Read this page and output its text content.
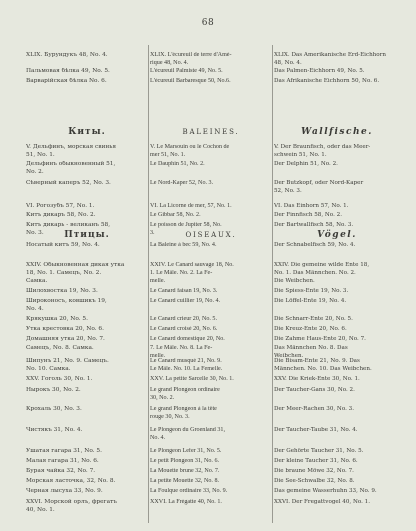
68
Киты.
Птицы.
XLIX. Бурундукъ 48, No. 4.
Пальмовая бѣлка 49, No. 5.
Варварійская бѣлка No. 6.
V. Дельфинъ, морская свинья
51, No. 1.
Дельфинъ обыкновенный 51,
No. 2.
Сѣверный каперъ 52, No. 3.
VI. Рогозубъ 57, No. 1.
Китъ дикаръ 58, No. 2.
Китъ дикарь - великанъ 58,
No. 3.
Носатый китъ 59, No. 4.
XXIV. Обыкновенная дикая утка
18, No. 1. Самецъ, No. 2.
Самка.
Шилохвостка 19, No. 3.
Широконосъ, ковшикъ 19,
No. 4.
Крякушка 20, No. 5.
Утка крестовка 20, No. 6.
Домашняя утка 20, No. 7.
Самецъ, No. 8. Самка.
Шипунъ 21, No. 9. Самецъ.
No. 10. Самка.
XXV. Гоголь 30, No. 1.
Нырокъ 30, No. 2.
Крохаль 30, No. 3.
Чистякъ 31, No. 4.
Ушатая гагара 31, No. 5.
Малая гагара 31, No. 6.
Бурая чайка 32, No. 7.
Морская ласточка, 32, No. 8.
Черная лысуха 33, No. 9.
XXVI. Морской орлъ, фрегатъ
40, No. 1.
BALEINES.
OISEAUX.
XLIX. L'écureuil de terre d'Amé-
rique 48, No. 4.
L'écureuil Palmiste 49, No. 5.
L'écureuil Barbaresque 50, No.6.
V. Le Marsouin ou le Cochon de
mer 51, No. 1.
Le Dauphin 51, No. 2.
Le Nord-Kaper 52, No. 3.
VI. La Licorne de mer, 57, No. 1.
Le Gibbar 58, No. 2.
Le poisson de Jupiter 58, No.
3.
La Baleine à bec 59, No. 4.
XXIV. Le Canard sauvage 18, No.
1. Le Mâle. No. 2. La Fe-
melle.
Le Canard faisan 19, No. 3.
Le Canard cuillier 19, No. 4.
Le Canard crieur 20, No. 5.
Le Canard croisé 20, No. 6.
Le Canard domestique 20, No.
7. Le Mâle. No. 8. La Fe-
melle.
Le Canard musqué 21, No. 9.
Le Mâle. No. 10. La Femelle.
XXV. La petite Sarcelle 30, No. 1.
Le grand Plongeon ordinaire
30, No. 2.
Le grand Plongeon à la tête
rouge 30, No. 3.
Le Plongeon du Groenland 31,
No. 4.
Le Plongeon Lefer 31, No. 5.
Le petit Plongeon 31, No. 6.
La Mouette brune 32, No. 7.
La petite Mouette 32, No. 8.
La Foulque ordinaire 33, No. 9.
XXVI. La Frégatte 40, No. 1.
Wallfische.
Vögel.
XLIX. Das Amerikanische Erd-Eichhorn
48, No. 4.
Das Palmen-Eichhorn 49, No. 5.
Das Afrikanische Eichhorn 50, No. 6.
V. Der Braunfisch, oder das Meer-
schwein 51, No. 1.
Der Delphin 51, No. 2.
Der Butzkopf, oder Nord-Kaper
52, No. 3.
VI. Das Einhorn 57, No. 1.
Der Finnfisch 58, No. 2.
Der Bartwallfisch 58, No. 3.
Der Schnabelfisch 59, No. 4.
XXIV. Die gemeine wilde Ente 18,
No. 1. Das Männchen. No. 2.
Die Weibchen.
Die Spiess-Ente 19, No. 3.
Die Löffel-Ente 19, No. 4.
Die Schnarr-Ente 20, No. 5.
Die Kreuz-Ente 20, No. 6.
Die Zahme Haus-Ente 20, No. 7.
Das Männchen No. 8. Das
Weibchen.
Die Bisam-Ente 21, No. 9. Das
Männchen. No. 10. Das Weibchen.
XXV. Die Kriek-Ente 30, No. 1.
Der Taucher-Gans 30, No. 2.
Der Meer-Rachen 30, No. 3.
Der Taucher-Taube 31, No. 4.
Der Gehörte Taucher 31, No. 5.
Der kleine Taucher 31, No. 6.
Die braune Möwe 32, No. 7.
Die See-Schwalbe 32, No. 8.
Das gemeine Wasserhuhn 33, No. 9.
XXVI. Der Fregattvogel 40, No. 1.
